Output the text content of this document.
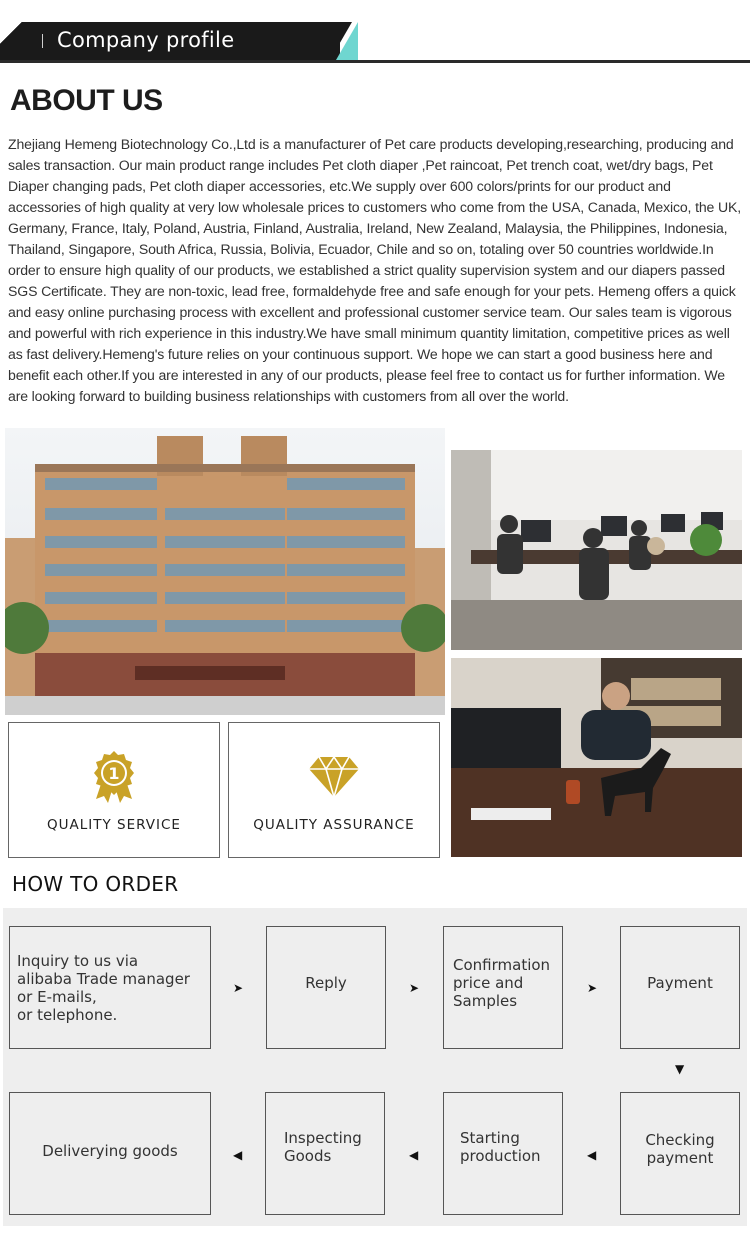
Company profile
ABOUT US

Zhejiang Hemeng Biotechnology Co.,Ltd is a manufacturer of Pet care products developing,researching, producing and sales transaction. Our main product range includes Pet cloth diaper ,Pet raincoat, Pet trench coat, wet/dry bags, Pet Diaper changing pads, Pet cloth diaper accessories, etc.We supply over 600 colors/prints for our product and accessories of high quality at very low wholesale prices to customers who come from the USA, Canada, Mexico, the UK, Germany, France, Italy, Poland, Austria, Finland, Australia, Ireland, New Zealand, Malaysia, the Philippines, Indonesia, Thailand, Singapore, South Africa, Russia, Bolivia, Ecuador, Chile and so on, totaling over 50 countries worldwide.In order to ensure high quality of our products, we established a strict quality supervision system and our diapers passed SGS Certificate. They are non-toxic, lead free, formaldehyde free and safe enough for your pets. Hemeng offers a quick and easy online purchasing process with excellent and professional customer service team. Our sales team is vigorous and powerful with rich experience in this industry.We have small minimum quantity limitation, competitive prices as well as fast delivery.Hemeng's future relies on your continuous support. We hope we can start a good business here and benefit each other.If you are interested in any of our products, please feel free to contact us for further information. We are looking forward to building business relationships with customers from all over the world.

1
QUALITY SERVICE	QUALITY ASSURANCE
HOW TO ORDER
Inquiry to us via
alibaba Trade manager
or E-mails,
or telephone.
➤	Reply	➤
Confirmation
price and
Samples
➤	Payment
▼
Checking
payment
◀
Starting
production
◀
Inspecting
Goods
◀
Deliverying goods
